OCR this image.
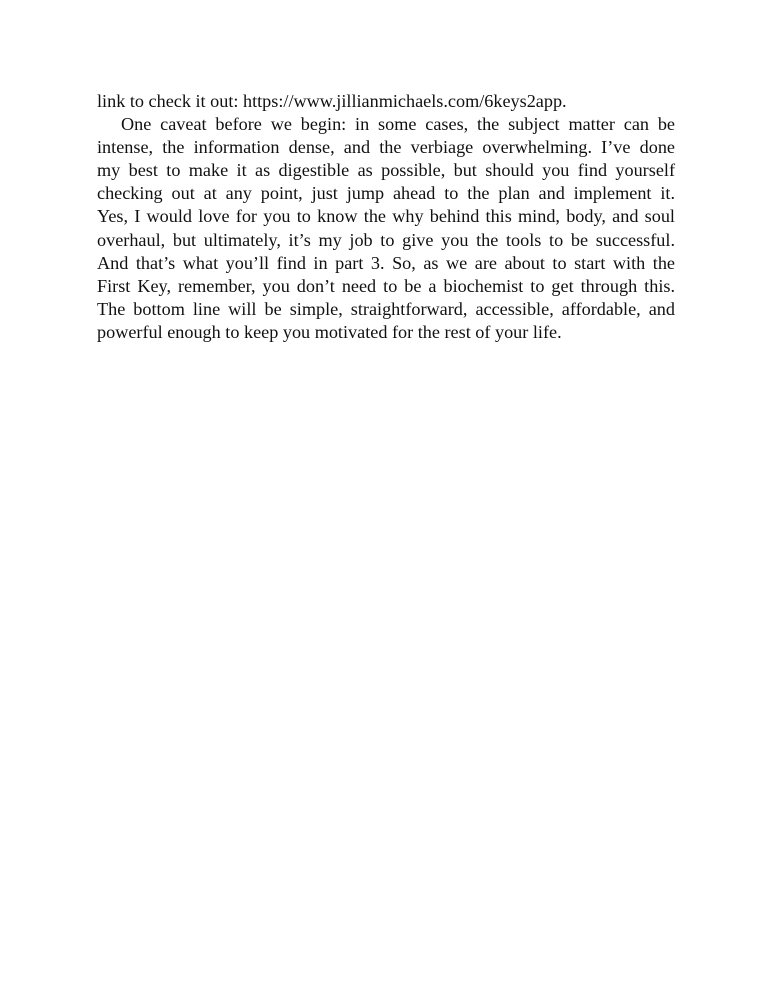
link to check it out: https://www.jillianmichaels.com/6keys2app.
One caveat before we begin: in some cases, the subject matter can be
intense, the information dense, and the verbiage overwhelming. I’ve done
my best to make it as digestible as possible, but should you find yourself
checking out at any point, just jump ahead to the plan and implement it.
Yes, I would love for you to know the why behind this mind, body, and soul
overhaul, but ultimately, it’s my job to give you the tools to be successful.
And that’s what you’ll find in part 3. So, as we are about to start with the
First Key, remember, you don’t need to be a biochemist to get through this.
The bottom line will be simple, straightforward, accessible, affordable, and
powerful enough to keep you motivated for the rest of your life.
